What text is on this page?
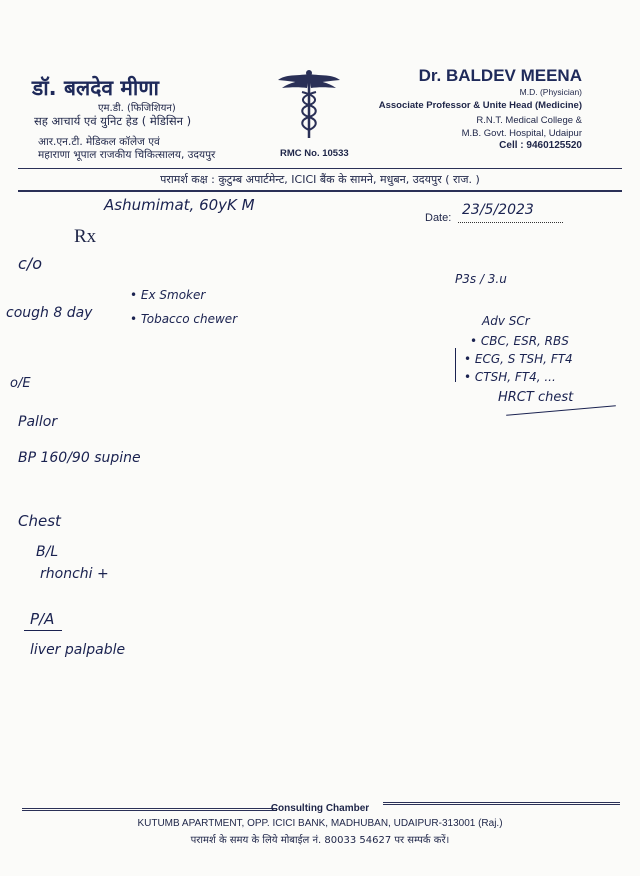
डॉ. बलदेव मीणा
एम.डी. (फिजिशियन)
सह आचार्य एवं युनिट हेड ( मेडिसिन )
आर.एन.टी. मेडिकल कॉलेज एवं
महाराणा भूपाल राजकीय चिकित्सालय, उदयपुर	RMC No. 10533
Dr. BALDEV MEENA
M.D. (Physician)
Associate Professor & Unite Head (Medicine)
R.N.T. Medical College &
M.B. Govt. Hospital, Udaipur
Cell : 9460125520
परामर्श कक्ष : कुटुम्ब अपार्टमेन्ट, ICICI बैंक के सामने, मधुबन, उदयपुर ( राज. )
Ashumimat, 60yK M
Date: 23/5/2023
Rx
c/o
cough 8 day
o/E
Pallor
BP 160/90 supine
Chest
B/L
rhonchi +
P/A
liver palpable
• Ex Smoker
• Tobacco chewer
P3s / 3.u
Adv SCr
• CBC, ESR, RBS
• ECG, S TSH, FT4
• CTSH, FT4, ...
HRCT chest
Consulting Chamber
KUTUMB APARTMENT, OPP. ICICI BANK, MADHUBAN, UDAIPUR-313001 (Raj.)
परामर्श के समय के लिये मोबाईल नं. 80033 54627 पर सम्पर्क करें।
